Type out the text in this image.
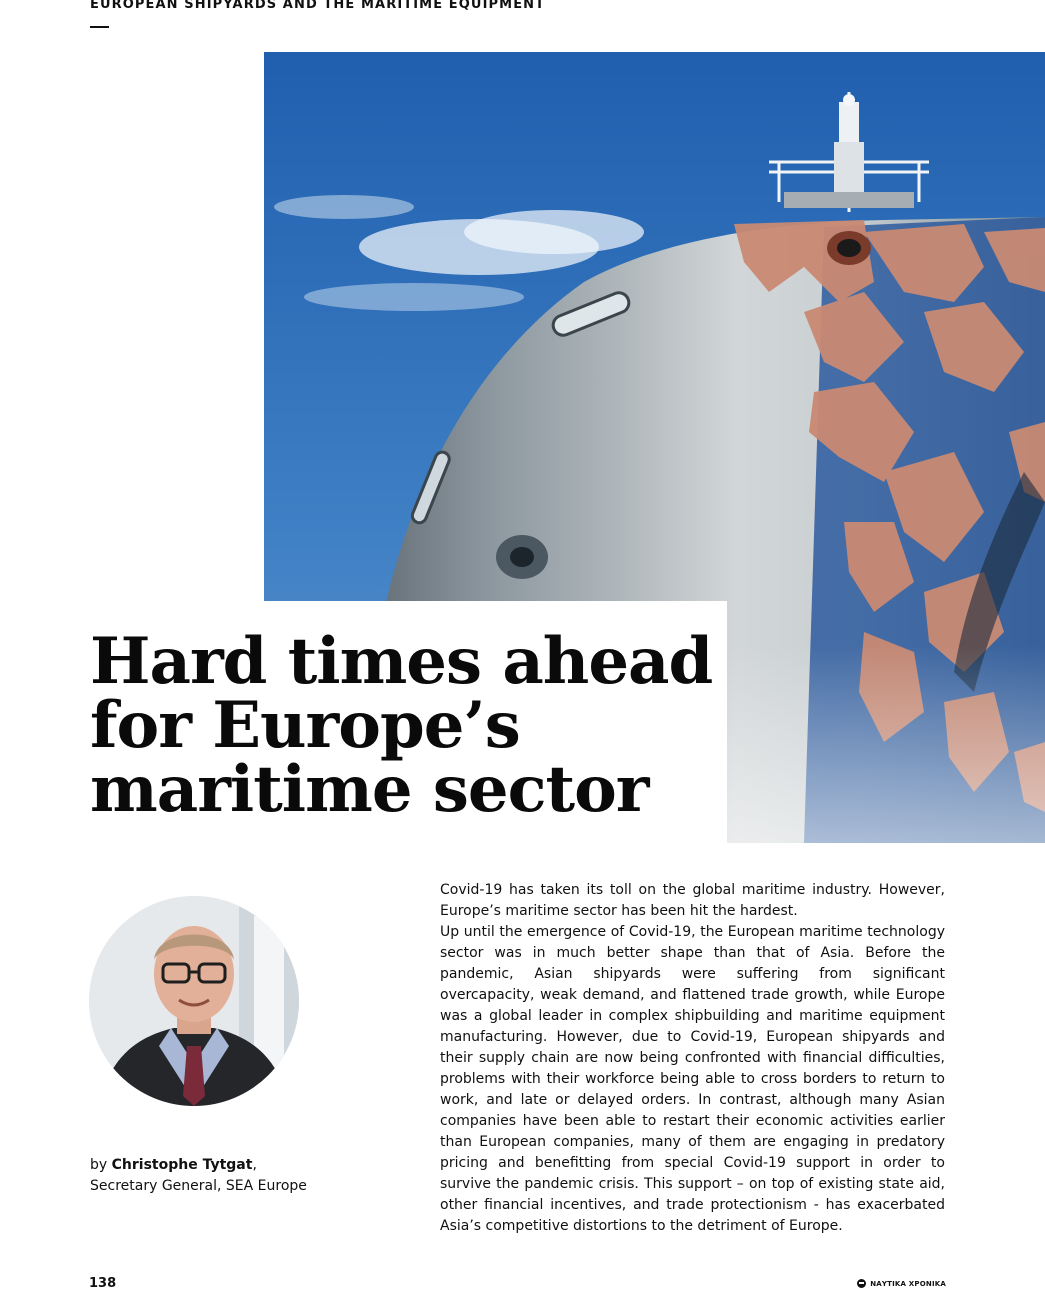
EUROPEAN SHIPYARDS AND THE MARITIME EQUIPMENT
Hard times ahead
for Europe’s
maritime sector
by Christophe Tytgat,
Secretary General, SEA Europe

Covid-19 has taken its toll on the global maritime industry. However, Europe’s maritime sector has been hit the hardest.

Up until the emergence of Covid-19, the European maritime technology sector was in much better shape than that of Asia. Before the pandemic, Asian shipyards were suffering from significant overcapacity, weak demand, and flattened trade growth, while Europe was a global leader in complex shipbuilding and maritime equipment manufacturing. However, due to Covid-19, European shipyards and their supply chain are now being confronted with financial difficulties, problems with their workforce being able to cross borders to return to work, and late or delayed orders. In contrast, although many Asian companies have been able to restart their economic activities earlier than European companies, many of them are engaging in predatory pricing and benefitting from special Covid-19 support in order to survive the pandemic crisis. This support – on top of existing state aid, other financial incentives, and trade protectionism - has exacerbated Asia’s competitive distortions to the detriment of Europe.

138	ΝΑΥΤΙΚΑ ΧΡΟΝΙΚΑ
